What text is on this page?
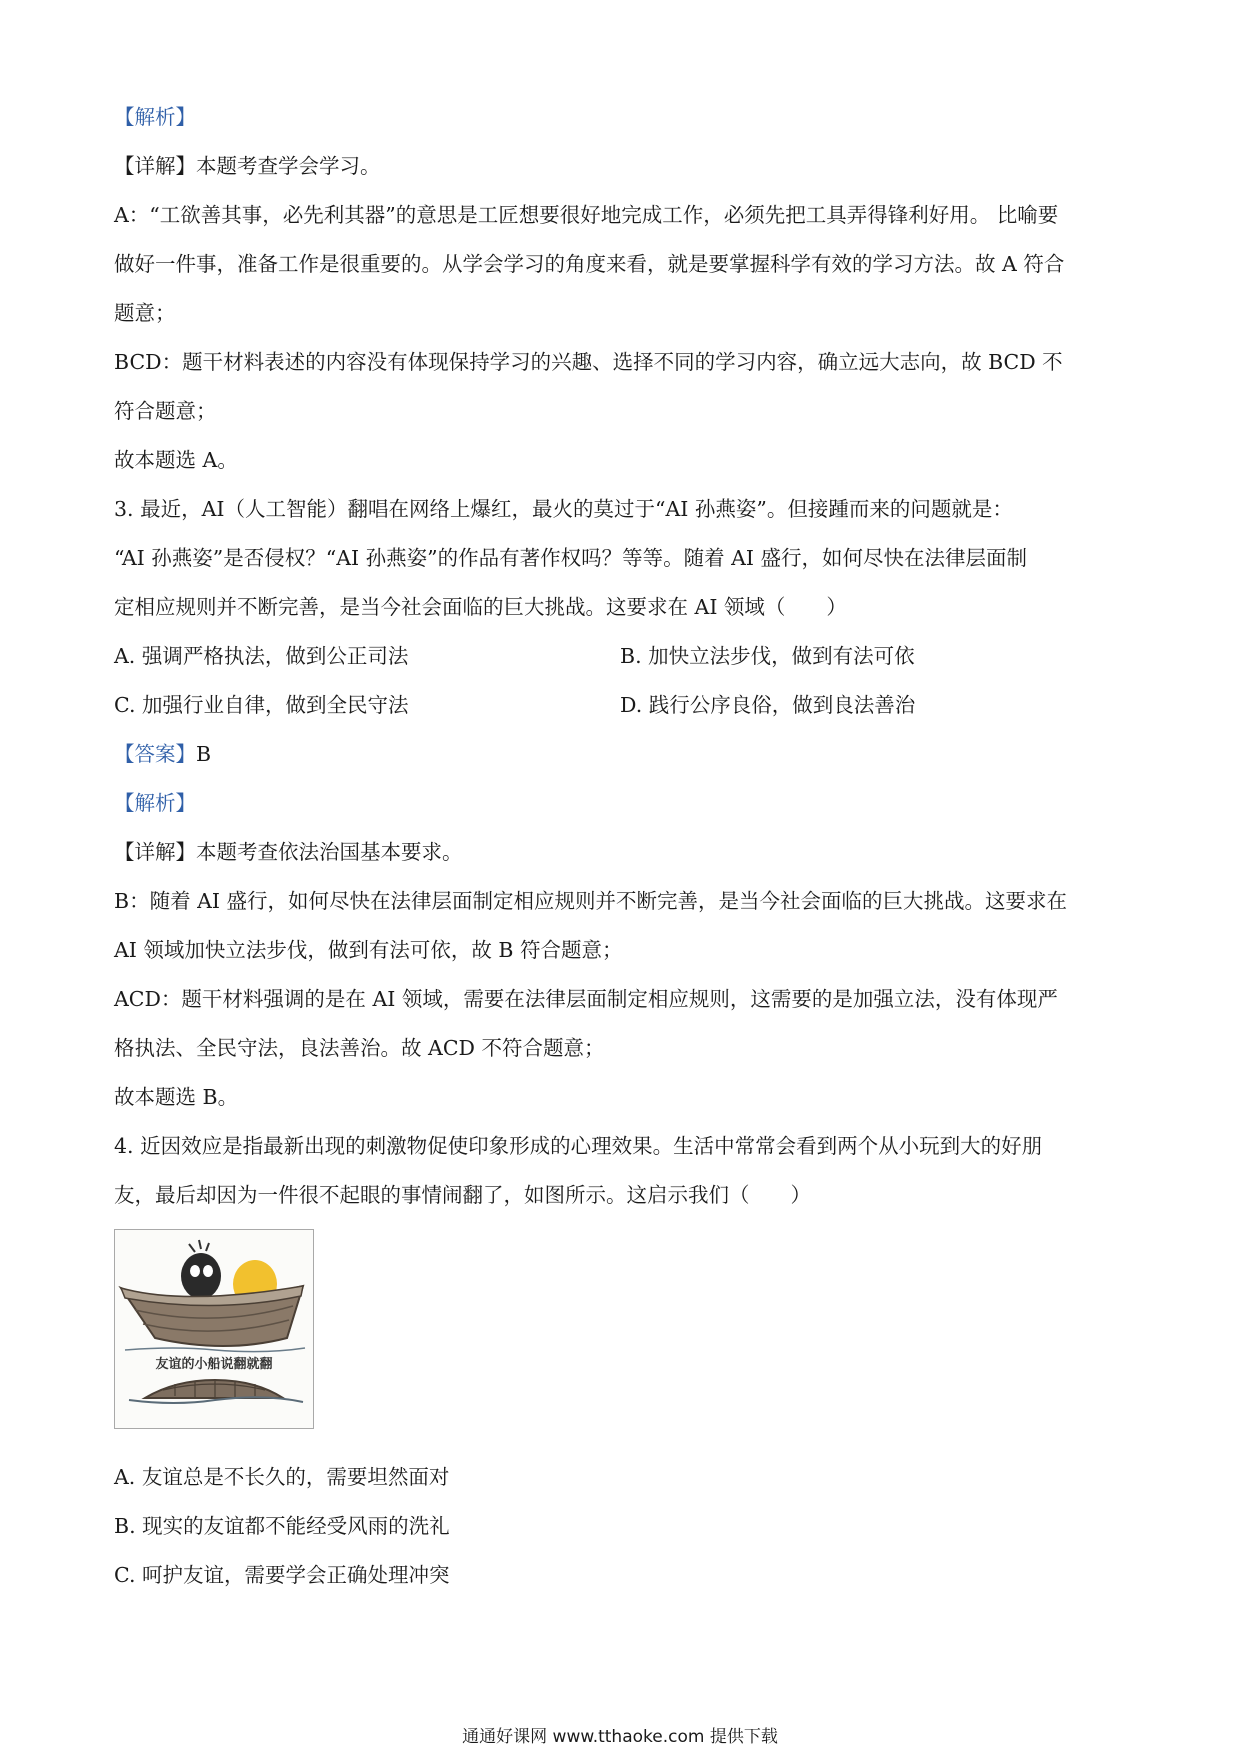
【解析】
【详解】本题考查学会学习。
A：“工欲善其事，必先利其器”的意思是工匠想要很好地完成工作，必须先把工具弄得锋利好用。 比喻要
做好一件事，准备工作是很重要的。从学会学习的角度来看，就是要掌握科学有效的学习方法。故 A 符合
题意；
BCD：题干材料表述的内容没有体现保持学习的兴趣、选择不同的学习内容，确立远大志向，故 BCD 不
符合题意；
故本题选 A。
3. 最近，AI（人工智能）翻唱在网络上爆红，最火的莫过于“AI 孙燕姿”。但接踵而来的问题就是：
“AI 孙燕姿”是否侵权？“AI 孙燕姿”的作品有著作权吗？等等。随着 AI 盛行，如何尽快在法律层面制
定相应规则并不断完善，是当今社会面临的巨大挑战。这要求在 AI 领域（　　）
A. 强调严格执法，做到公正司法	B. 加快立法步伐，做到有法可依
C. 加强行业自律，做到全民守法	D. 践行公序良俗，做到良法善治
【答案】B
【解析】
【详解】本题考查依法治国基本要求。
B：随着 AI 盛行，如何尽快在法律层面制定相应规则并不断完善，是当今社会面临的巨大挑战。这要求在
AI 领域加快立法步伐，做到有法可依，故 B 符合题意；
ACD：题干材料强调的是在 AI 领域，需要在法律层面制定相应规则，这需要的是加强立法，没有体现严
格执法、全民守法，良法善治。故 ACD 不符合题意；
故本题选 B。
4. 近因效应是指最新出现的刺激物促使印象形成的心理效果。生活中常常会看到两个从小玩到大的好朋
友，最后却因为一件很不起眼的事情闹翻了，如图所示。这启示我们（　　）
友谊的小船说翻就翻
A. 友谊总是不长久的，需要坦然面对
B. 现实的友谊都不能经受风雨的洗礼
C. 呵护友谊，需要学会正确处理冲突
通通好课网 www.tthaoke.com 提供下载
